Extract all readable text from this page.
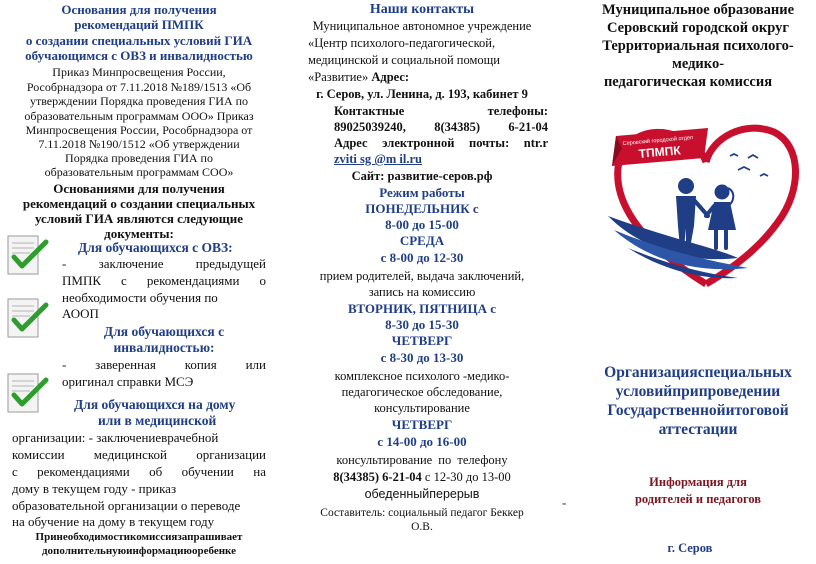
Основания для получения

рекомендаций ПМПК

о создании специальных условий ГИА

обучающимся с ОВЗ и инвалидностью

Приказ Минпросвещения России,

Рособрнадзора от 7.11.2018 №189/1513 «Об

утверждении Порядка проведения ГИА по

образовательным программам ООО» Приказ

Минпросвещения России, Рособрнадзора от

7.11.2018 №190/1512 «Об утверждении

Порядка проведения ГИА по

образовательным программам СОО»

Основаниями для получения

рекомендаций о создании специальных

условий ГИА являются следующие

документы:

Для обучающихся с ОВЗ:

- заключение предыдущей

ПМПК с рекомендациями о

необходимости обучения по

АООП

Для обучающихся с

инвалидностью:

- заверенная копия или

оригинал справки МСЭ

Для обучающихся на дому

или в медицинской

организации: - заключениеврачебной

комиссии медицинской организации

с рекомендациями об обучении на

дому в текущем году - приказ

образовательной организации о переводе

на обучение на дому в текущем году

Принеобходимостикомиссиязапрашивает

дополнительнуюинформациюоребенке

Наши контакты

Муниципальное автономное учреждение

«Центр психолого-педагогической,

медицинской и социальной помощи

«Развитие» Адрес:

г. Серов, ул. Ленина, д. 193, кабинет 9

Контактные телефоны:

89025039240, 8(34385) 6-21-04

Адрес электронной почты: ntr.r

zviti sg @m il.ru

Сайт: развитие-серов.рф

Режим работы

ПОНЕДЕЛЬНИК с

8-00 до 15-00

СРЕДА

с 8-00 до 12-30

прием родителей, выдача заключений,

запись на комиссию

ВТОРНИК, ПЯТНИЦА с

8-30 до 15-30

ЧЕТВЕРГ

с 8-30 до 13-30

комплексное психолого -медико-

педагогическое обследование,

консультирование

ЧЕТВЕРГ

с 14-00 до 16-00

консультирование по телефону

8(34385) 6-21-04 с 12-30 до 13-00

обеденныйперерыв

Составитель: социальный педагог Беккер

О.В.

Муниципальное образование

Серовский городской округ

Территориальная психолого-

медико-

педагогическая комиссия

Серовский городской отдел
ТПМПК

Организацияспециальных

условийприпроведении

Государственнойитоговой

аттестации

-

Информация для

родителей и педагогов

г. Серов
